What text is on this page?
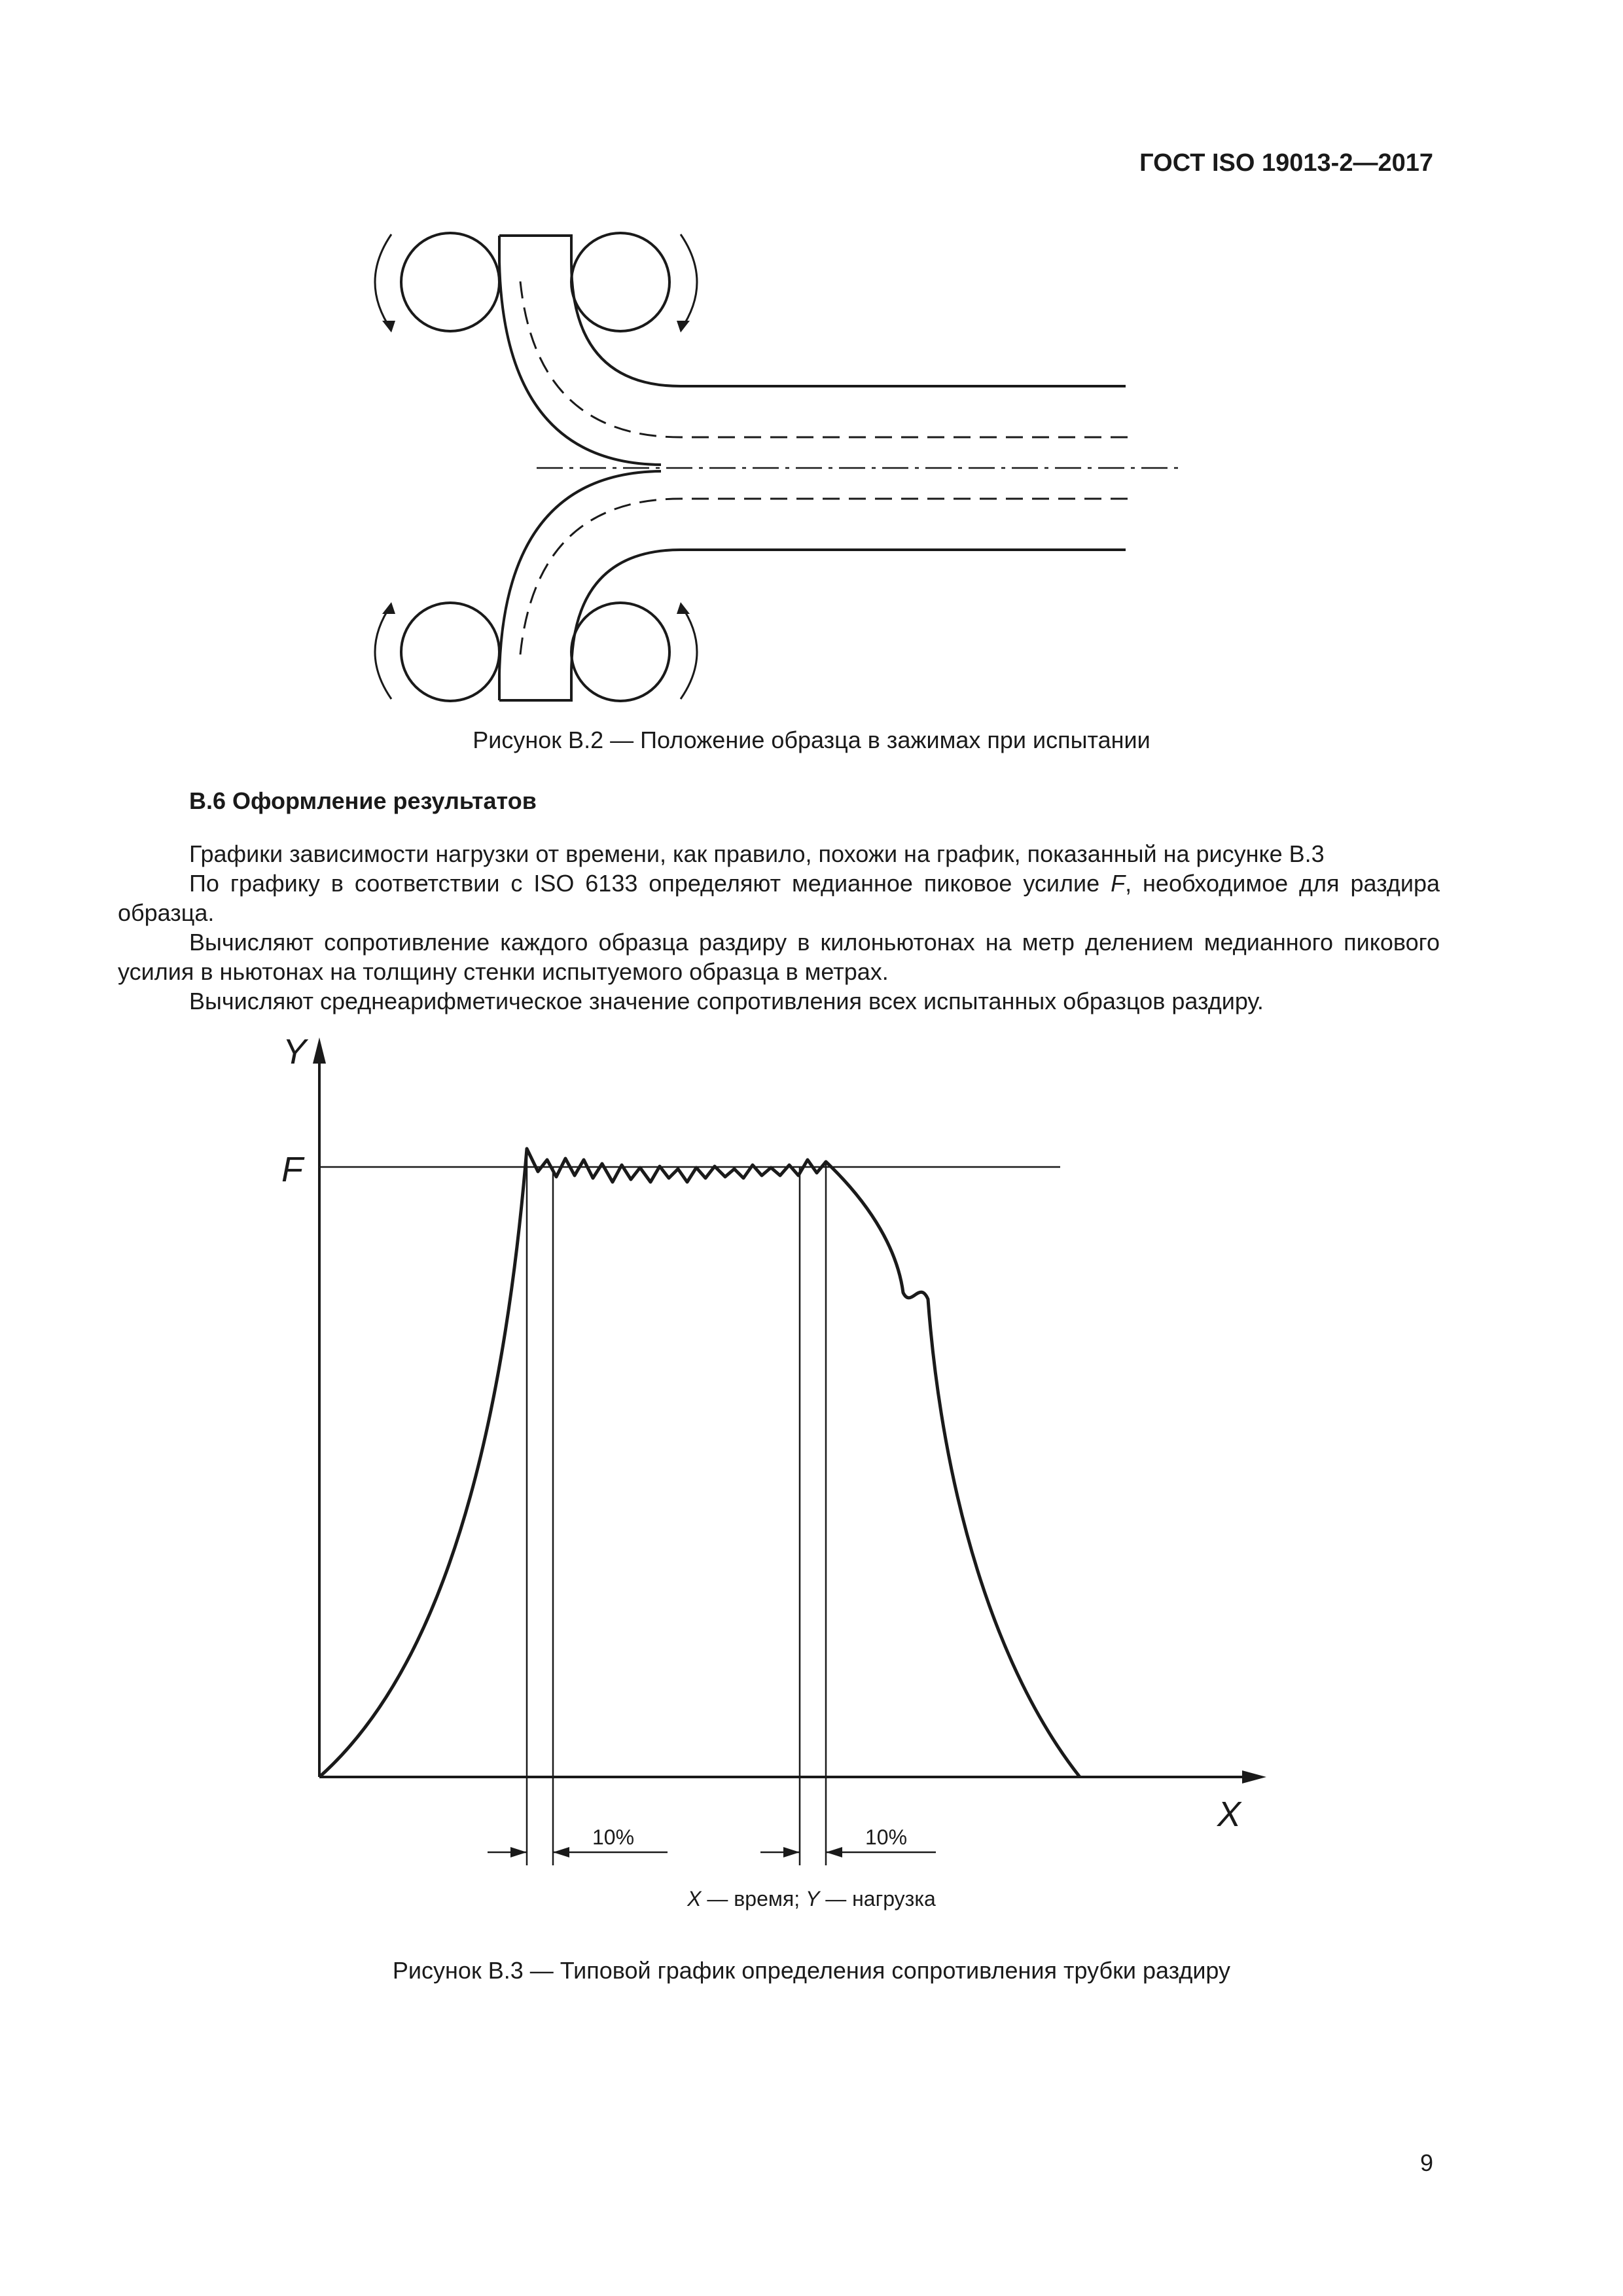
ГОСТ ISO 19013-2—2017
Рисунок В.2 — Положение образца в зажимах при испытании
В.6 Оформление результатов

Графики зависимости нагрузки от времени, как правило, похожи на график, показанный на рисунке В.3

По графику в соответствии с ISO 6133 определяют медианное пиковое усилие F, необходимое для раздира образца.

Вычисляют сопротивление каждого образца раздиру в килоньютонах на метр делением медианного пикового усилия в ньютонах на толщину стенки испытуемого образца в метрах.

Вычисляют среднеарифметическое значение сопротивления всех испытанных образцов раздиру.

Y
X
F
10%	10%
X — время; Y — нагрузка
Рисунок В.3 — Типовой график определения сопротивления трубки раздиру
9
